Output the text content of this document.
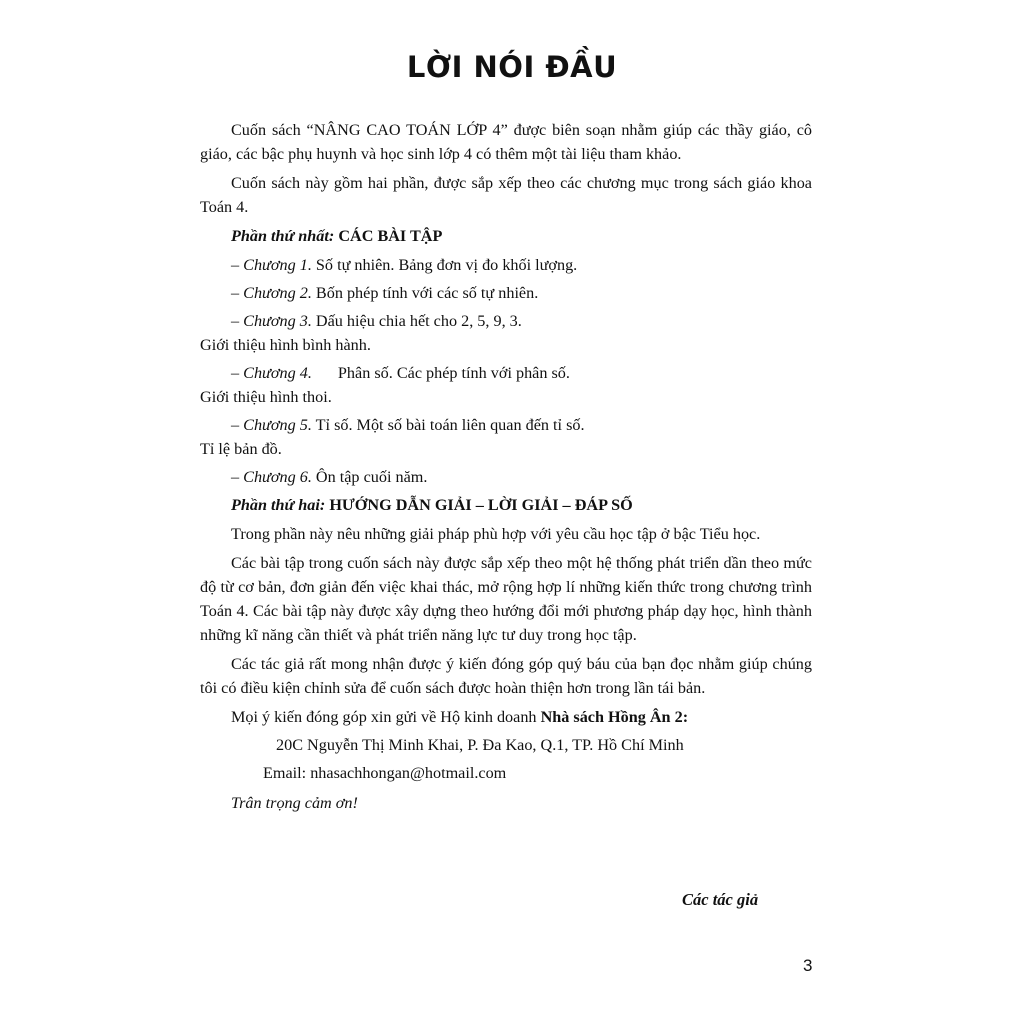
LỜI NÓI ĐẦU

Cuốn sách “NÂNG CAO TOÁN LỚP 4” được biên soạn nhằm giúp các thầy giáo, cô giáo, các bậc phụ huynh và học sinh lớp 4 có thêm một tài liệu tham khảo.

Cuốn sách này gồm hai phần, được sắp xếp theo các chương mục trong sách giáo khoa Toán 4.

Phần thứ nhất: CÁC BÀI TẬP
– Chương 1. Số tự nhiên. Bảng đơn vị đo khối lượng.
– Chương 2. Bốn phép tính với các số tự nhiên.
– Chương 3. Dấu hiệu chia hết cho 2, 5, 9, 3.
Giới thiệu hình bình hành.
– Chương 4. Phân số. Các phép tính với phân số.
Giới thiệu hình thoi.
– Chương 5. Tỉ số. Một số bài toán liên quan đến tỉ số.
Tỉ lệ bản đồ.
– Chương 6. Ôn tập cuối năm.
Phần thứ hai: HƯỚNG DẪN GIẢI – LỜI GIẢI – ĐÁP SỐ

Trong phần này nêu những giải pháp phù hợp với yêu cầu học tập ở bậc Tiểu học.

Các bài tập trong cuốn sách này được sắp xếp theo một hệ thống phát triển dần theo mức độ từ cơ bản, đơn giản đến việc khai thác, mở rộng hợp lí những kiến thức trong chương trình Toán 4. Các bài tập này được xây dựng theo hướng đổi mới phương pháp dạy học, hình thành những kĩ năng cần thiết và phát triển năng lực tư duy trong học tập.

Các tác giả rất mong nhận được ý kiến đóng góp quý báu của bạn đọc nhằm giúp chúng tôi có điều kiện chỉnh sửa để cuốn sách được hoàn thiện hơn trong lần tái bản.

Mọi ý kiến đóng góp xin gửi về Hộ kinh doanh Nhà sách Hồng Ân 2:
20C Nguyễn Thị Minh Khai, P. Đa Kao, Q.1, TP. Hồ Chí Minh
Email: nhasachhongan@hotmail.com
Trân trọng cảm ơn!
Các tác giả
3
